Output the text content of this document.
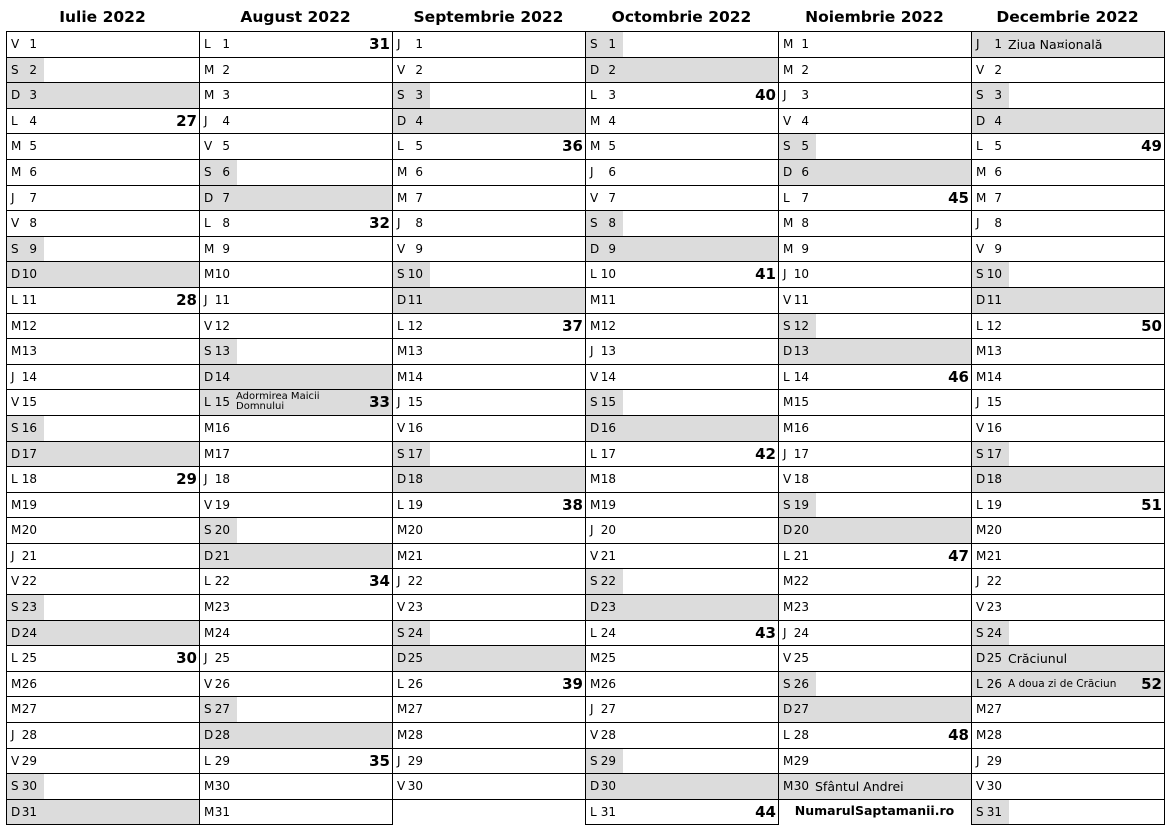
Iulie 2022
V 1
S 2
D 3
L 4	27
M 5
M 6
J	7
V 8
S 9
D 10
L 11	28
M 12
M 13
J 14
V 15
S 16
D 17
L 18	29
M 19
M 20
J 21
V 22
S 23
D 24
L 25	30
M 26
M 27
J 28
V 29
S 30
D 31
August 2022
L 1	31
M 2
M 3
J	4
V 5
S 6
D 7
L 8	32
M 9
M 10
J 11
V 12
S 13
D 14
L 15 Adormirea Maicii Domnului	33
M 16
M 17
J 18
V 19
S 20
D 21
L 22	34
M 23
M 24
J 25
V 26
S 27
D 28
L 29	35
M 30
M 31
Septembrie 2022
J	1
V 2
S 3
D 4
L 5	36
M 6
M 7
J	8
V 9
S 10
D 11
L 12	37
M 13
M 14
J 15
V 16
S 17
D 18
L 19	38
M 20
M 21
J 22
V 23
S 24
D 25
L 26	39
M 27
M 28
J 29
V 30
Octombrie 2022
S 1
D 2
L 3	40
M 4
M 5
J	6
V 7
S 8
D 9
L 10	41
M 11
M 12
J 13
V 14
S 15
D 16
L 17	42
M 18
M 19
J 20
V 21
S 22
D 23
L 24	43
M 25
M 26
J 27
V 28
S 29
D 30
L 31	44
Noiembrie 2022
M 1
M 2
J	3
V 4
S 5
D 6
L 7	45
M 8
M 9
J 10
V 11
S 12
D 13
L 14	46
M 15
M 16
J 17
V 18
S 19
D 20
L 21	47
M 22
M 23
J 24
V 25
S 26
D 27
L 28	48
M 29
M 30 Sfântul Andrei
NumarulSaptamanii.ro
Decembrie 2022
J	1 Ziua Na¤ională
V 2
S 3
D 4
L 5	49
M 6
M 7
J	8
V 9
S 10
D 11
L 12	50
M 13
M 14
J 15
V 16
S 17
D 18
L 19	51
M 20
M 21
J 22
V 23
S 24
D 25 Crăciunul
L 26 A doua zi de Crăciun 52
M 27
M 28
J 29
V 30
S 31
